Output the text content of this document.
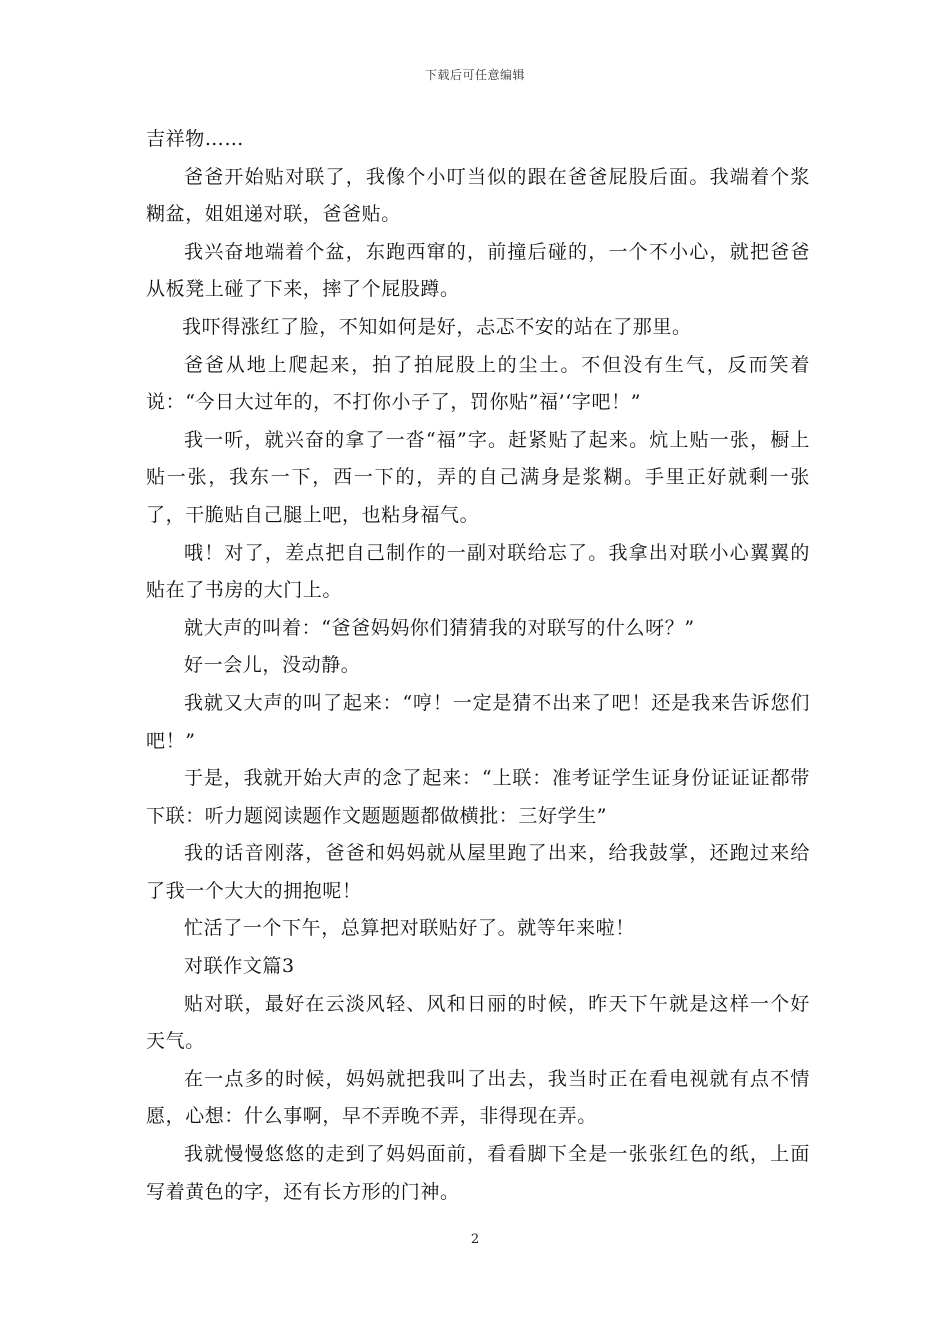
下载后可任意编辑

吉祥物……

爸爸开始贴对联了，我像个小叮当似的跟在爸爸屁股后面。我端着个浆糊盆，姐姐递对联，爸爸贴。

我兴奋地端着个盆，东跑西窜的，前撞后碰的，一个不小心，就把爸爸从板凳上碰了下来，摔了个屁股蹲。

我吓得涨红了脸，不知如何是好，忐忑不安的站在了那里。

爸爸从地上爬起来，拍了拍屁股上的尘土。不但没有生气，反而笑着说：“今日大过年的，不打你小子了，罚你贴”福’‘字吧！”

我一听，就兴奋的拿了一沓“福”字。赶紧贴了起来。炕上贴一张，橱上贴一张，我东一下，西一下的，弄的自己满身是浆糊。手里正好就剩一张了，干脆贴自己腿上吧，也粘身福气。

哦！对了，差点把自己制作的一副对联给忘了。我拿出对联小心翼翼的贴在了书房的大门上。

就大声的叫着：“爸爸妈妈你们猜猜我的对联写的什么呀？”

好一会儿，没动静。

我就又大声的叫了起来：“哼！一定是猜不出来了吧！还是我来告诉您们吧！”

于是，我就开始大声的念了起来：“上联：准考证学生证身份证证证都带下联：听力题阅读题作文题题题都做横批：三好学生”

我的话音刚落，爸爸和妈妈就从屋里跑了出来，给我鼓掌，还跑过来给了我一个大大的拥抱呢！

忙活了一个下午，总算把对联贴好了。就等年来啦！

对联作文篇3

贴对联，最好在云淡风轻、风和日丽的时候，昨天下午就是这样一个好天气。

在一点多的时候，妈妈就把我叫了出去，我当时正在看电视就有点不情愿，心想：什么事啊，早不弄晚不弄，非得现在弄。

我就慢慢悠悠的走到了妈妈面前，看看脚下全是一张张红色的纸，上面写着黄色的字，还有长方形的门神。

2
